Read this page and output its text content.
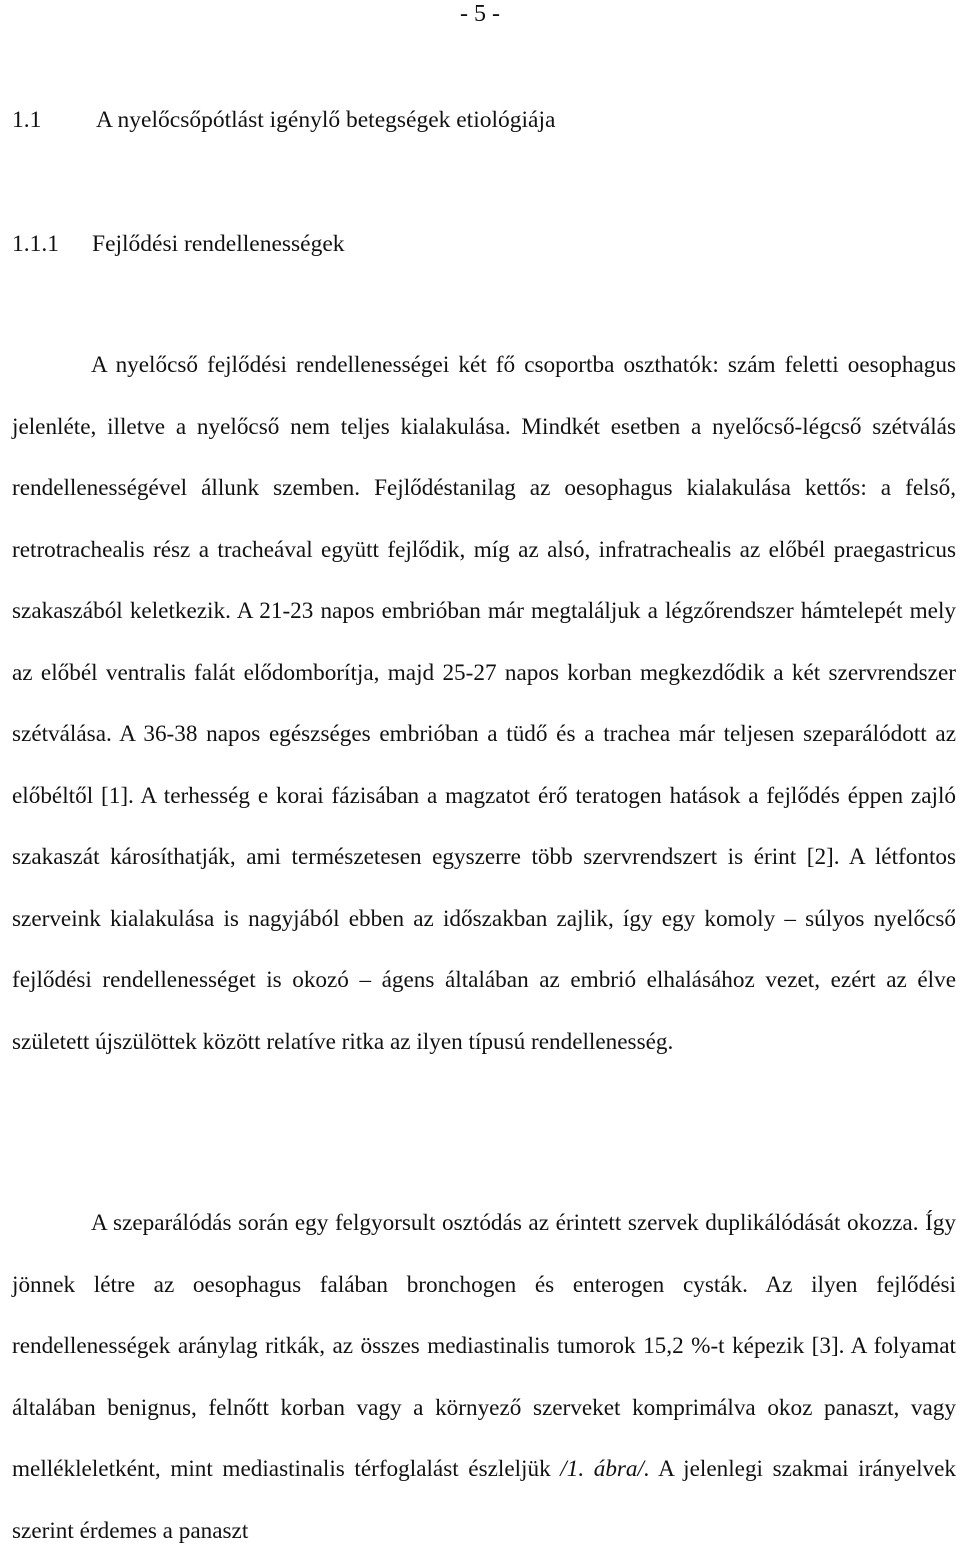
- 5 -
1.1 A nyelőcsőpótlást igénylő betegségek etiológiája
1.1.1 Fejlődési rendellenességek

A nyelőcső fejlődési rendellenességei két fő csoportba oszthatók: szám feletti oesophagus jelenléte, illetve a nyelőcső nem teljes kialakulása. Mindkét esetben a nyelőcső-légcső szétválás rendellenességével állunk szemben. Fejlődéstanilag az oesophagus kialakulása kettős: a felső, retrotrachealis rész a tracheával együtt fejlődik, míg az alsó, infratrachealis az előbél praegastricus szakaszából keletkezik. A 21-23 napos embrióban már megtaláljuk a légzőrendszer hámtelepét mely az előbél ventralis falát elődomborítja, majd 25-27 napos korban megkezdődik a két szervrendszer szétválása. A 36-38 napos egészséges embrióban a tüdő és a trachea már teljesen szeparálódott az előbéltől [1]. A terhesség e korai fázisában a magzatot érő teratogen hatások a fejlődés éppen zajló szakaszát károsíthatják, ami természetesen egyszerre több szervrendszert is érint [2]. A létfontos szerveink kialakulása is nagyjából ebben az időszakban zajlik, így egy komoly – súlyos nyelőcső fejlődési rendellenességet is okozó – ágens általában az embrió elhalásához vezet, ezért az élve született újszülöttek között relatíve ritka az ilyen típusú rendellenesség.

A szeparálódás során egy felgyorsult osztódás az érintett szervek duplikálódását okozza. Így jönnek létre az oesophagus falában bronchogen és enterogen cysták. Az ilyen fejlődési rendellenességek aránylag ritkák, az összes mediastinalis tumorok 15,2 %-t képezik [3]. A folyamat általában benignus, felnőtt korban vagy a környező szerveket komprimálva okoz panaszt, vagy mellékleletként, mint mediastinalis térfoglalást észleljük /1. ábra/. A jelenlegi szakmai irányelvek szerint érdemes a panaszt
